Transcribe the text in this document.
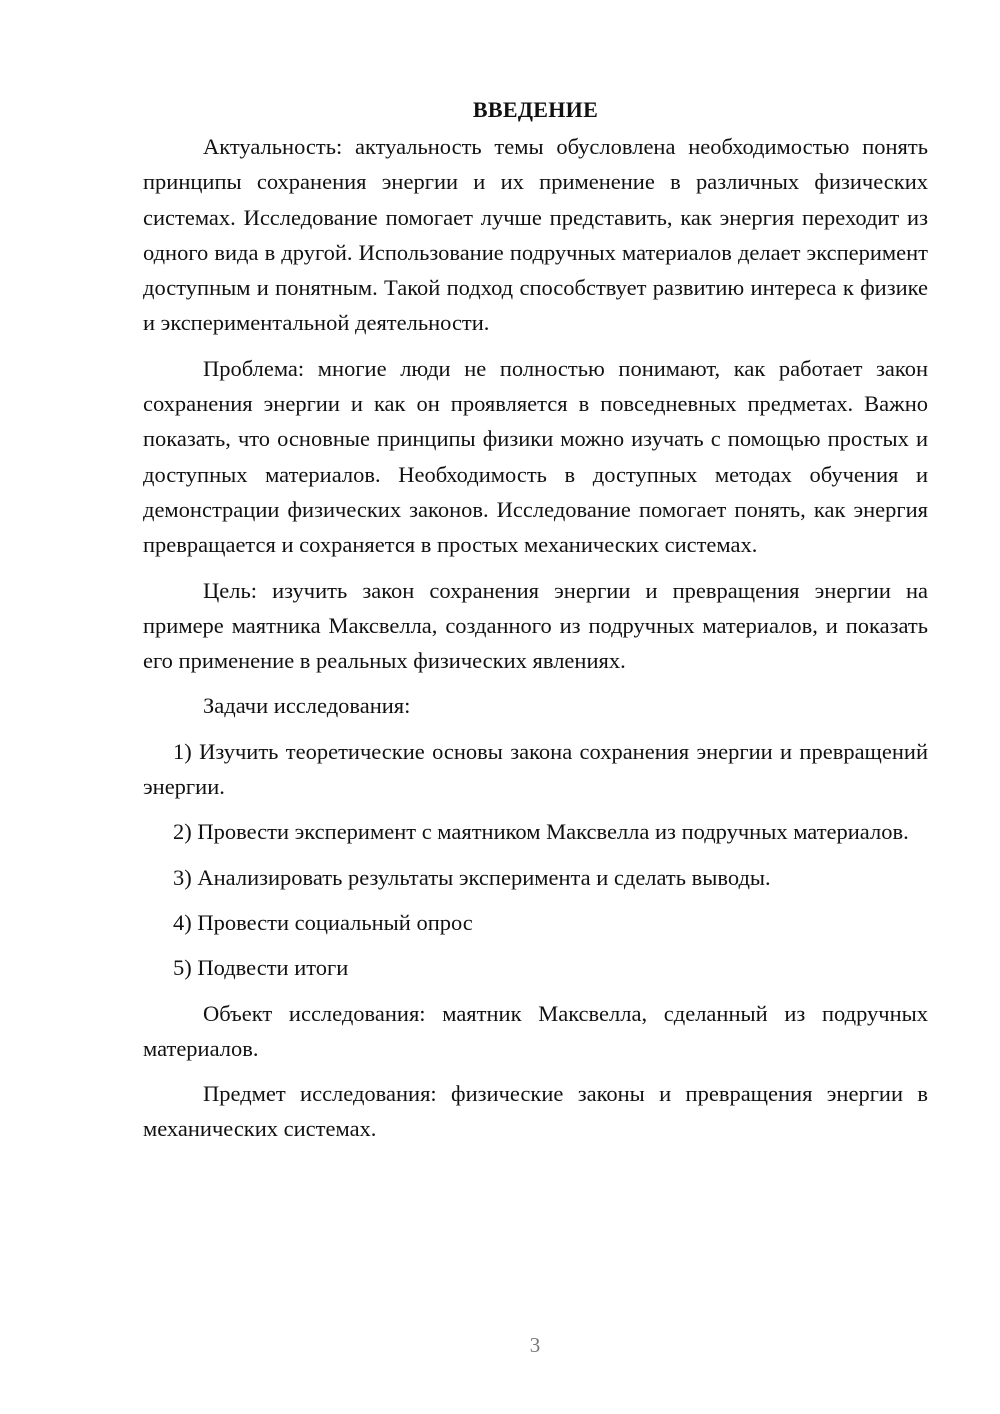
ВВЕДЕНИЕ

Актуальность: актуальность темы обусловлена необходимостью понять принципы сохранения энергии и их применение в различных физических системах. Исследование помогает лучше представить, как энергия переходит из одного вида в другой. Использование подручных материалов делает эксперимент доступным и понятным. Такой подход способствует развитию интереса к физике и экспериментальной деятельности.

Проблема: многие люди не полностью понимают, как работает закон сохранения энергии и как он проявляется в повседневных предметах. Важно показать, что основные принципы физики можно изучать с помощью простых и доступных материалов. Необходимость в доступных методах обучения и демонстрации физических законов. Исследование помогает понять, как энергия превращается и сохраняется в простых механических системах.

Цель: изучить закон сохранения энергии и превращения энергии на примере маятника Максвелла, созданного из подручных материалов, и показать его применение в реальных физических явлениях.

Задачи исследования:

1) Изучить теоретические основы закона сохранения энергии и превращений энергии.

2) Провести эксперимент с маятником Максвелла из подручных материалов.

3) Анализировать результаты эксперимента и сделать выводы.

4) Провести социальный опрос

5) Подвести итоги

Объект исследования: маятник Максвелла, сделанный из подручных материалов.

Предмет исследования: физические законы и превращения энергии в механических системах.

3
